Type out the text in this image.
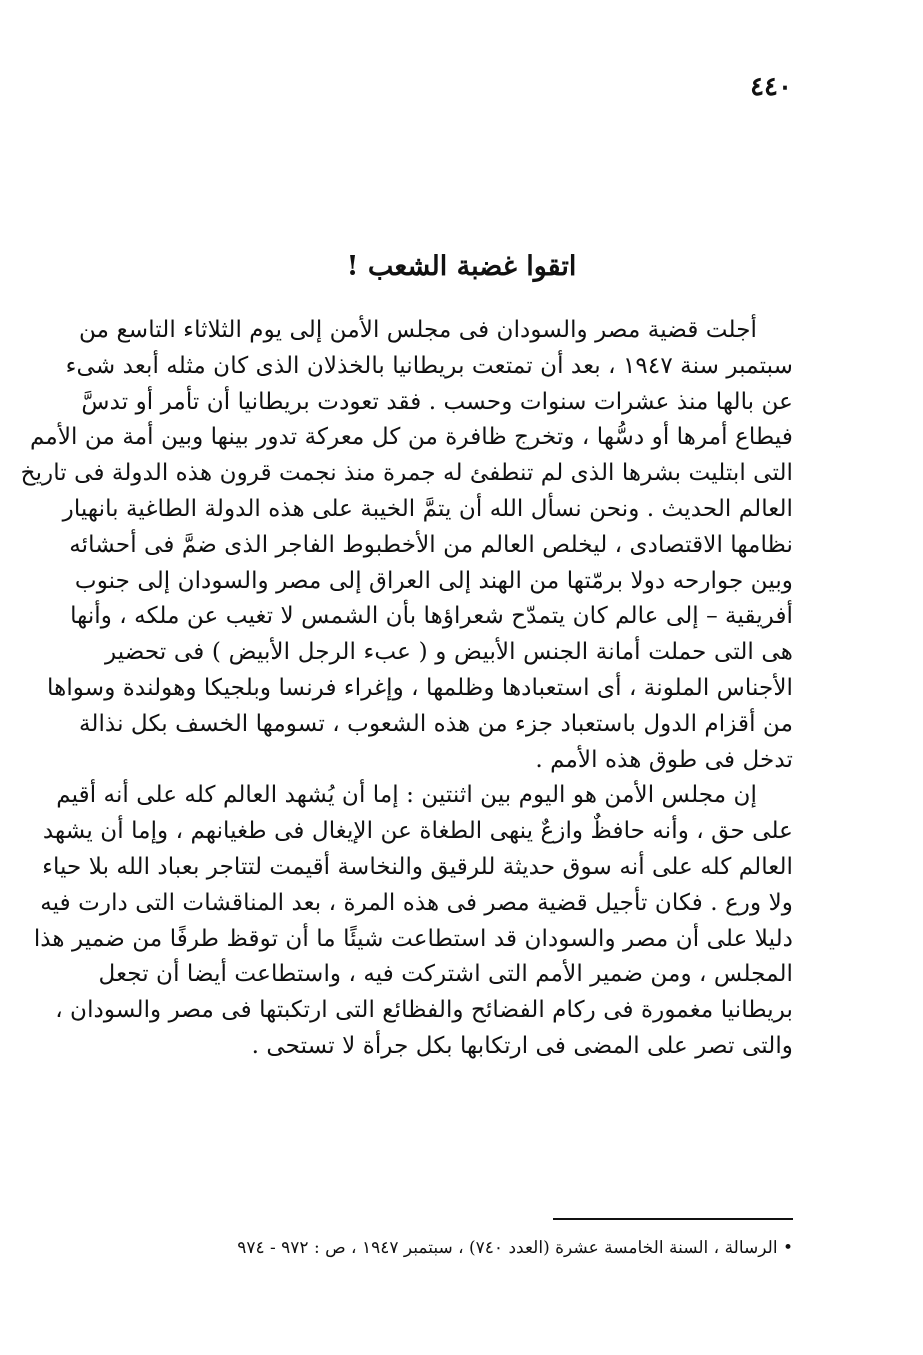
٤٤٠
اتقوا غضبة الشعب !
أجلت قضية مصر والسودان فى مجلس الأمن إلى يوم الثلاثاء التاسع من
سبتمبر سنة ١٩٤٧ ، بعد أن تمتعت بريطانيا بالخذلان الذى كان مثله أبعد شىء
عن بالها منذ عشرات سنوات وحسب . فقد تعودت بريطانيا أن تأمر أو تدسَّ
فيطاع أمرها أو دسُّها ، وتخرج ظافرة من كل معركة تدور بينها وبين أمة من الأمم
التى ابتليت بشرها الذى لم تنطفئ له جمرة منذ نجمت قرون هذه الدولة فى تاريخ
العالم الحديث . ونحن نسأل الله أن يتمَّ الخيبة على هذه الدولة الطاغية بانهيار
نظامها الاقتصادى ، ليخلص العالم من الأخطبوط الفاجر الذى ضمَّ فى أحشائه
وبين جوارحه دولا برمّتها من الهند إلى العراق إلى مصر والسودان إلى جنوب
أفريقية – إلى عالم كان يتمدّح شعراؤها بأن الشمس لا تغيب عن ملكه ، وأنها
هى التى حملت أمانة الجنس الأبيض و ( عبء الرجل الأبيض ) فى تحضير
الأجناس الملونة ، أى استعبادها وظلمها ، وإغراء فرنسا وبلجيكا وهولندة وسواها
من أقزام الدول باستعباد جزء من هذه الشعوب ، تسومها الخسف بكل نذالة
تدخل فى طوق هذه الأمم .
إن مجلس الأمن هو اليوم بين اثنتين : إما أن يُشهد العالم كله على أنه أقيم
على حق ، وأنه حافظٌ وازعٌ ينهى الطغاة عن الإيغال فى طغيانهم ، وإما أن يشهد
العالم كله على أنه سوق حديثة للرقيق والنخاسة أقيمت لتتاجر بعباد الله بلا حياء
ولا ورع . فكان تأجيل قضية مصر فى هذه المرة ، بعد المناقشات التى دارت فيه
دليلا على أن مصر والسودان قد استطاعت شيئًا ما أن توقظ طرفًا من ضمير هذا
المجلس ، ومن ضمير الأمم التى اشتركت فيه ، واستطاعت أيضا أن تجعل
بريطانيا مغمورة فى ركام الفضائح والفظائع التى ارتكبتها فى مصر والسودان ،
والتى تصر على المضى فى ارتكابها بكل جرأة لا تستحى .
• الرسالة ، السنة الخامسة عشرة (العدد ٧٤٠) ، سبتمبر ١٩٤٧ ، ص : ٩٧٢ - ٩٧٤
